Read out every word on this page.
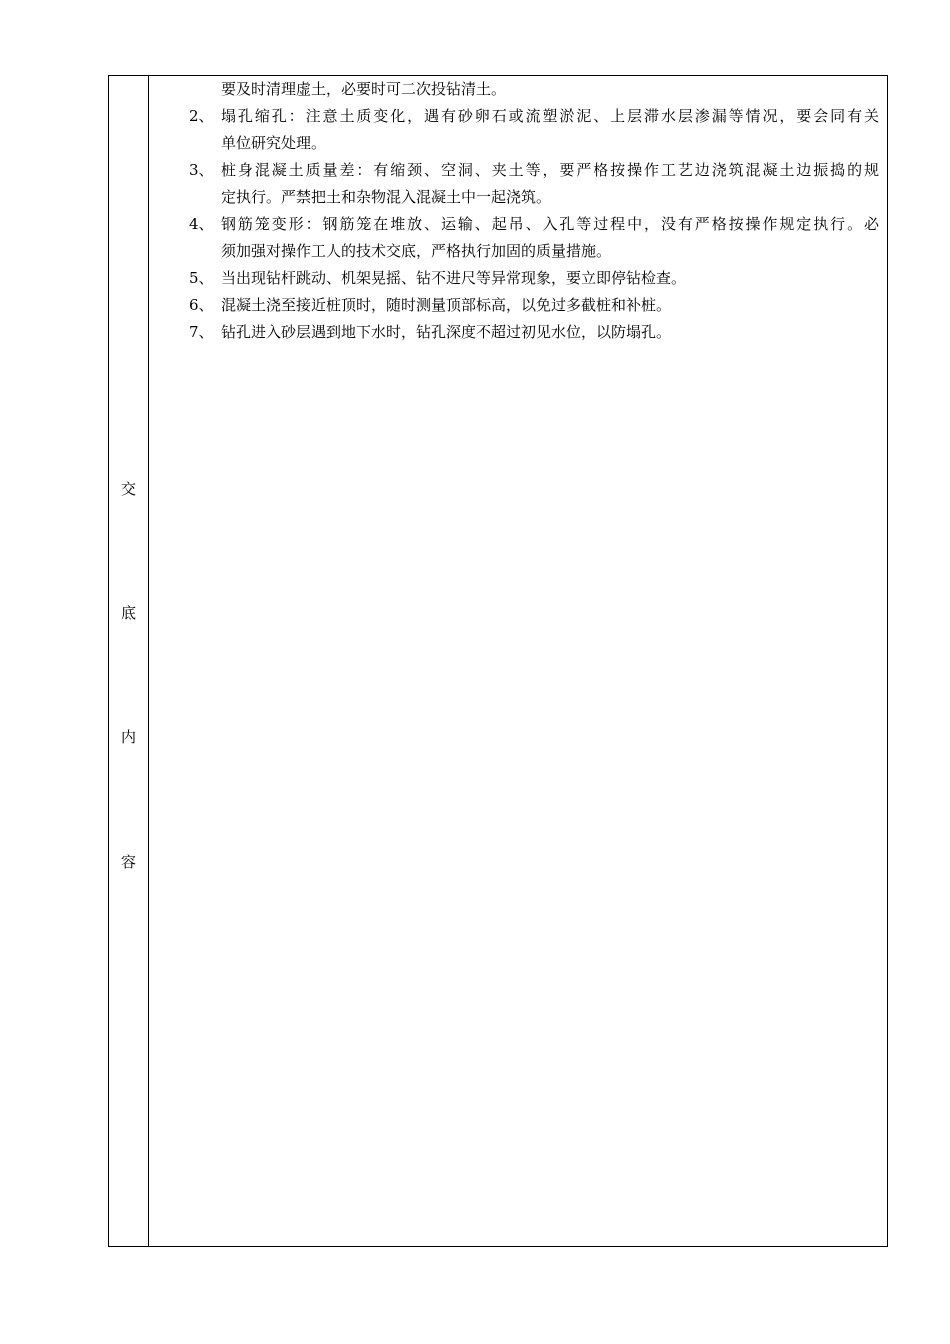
交
底
内
容
要及时清理虚土，必要时可二次投钻清土。
2、 塌孔缩孔：注意土质变化，遇有砂卵石或流塑淤泥、上层滞水层渗漏等情况，要会同有关
单位研究处理。
3、 桩身混凝土质量差：有缩颈、空洞、夹土等，要严格按操作工艺边浇筑混凝土边振捣的规
定执行。严禁把土和杂物混入混凝土中一起浇筑。
4、 钢筋笼变形：钢筋笼在堆放、运输、起吊、入孔等过程中，没有严格按操作规定执行。必
须加强对操作工人的技术交底，严格执行加固的质量措施。
5、 当出现钻杆跳动、机架晃摇、钻不进尺等异常现象，要立即停钻检查。
6、 混凝土浇至接近桩顶时，随时测量顶部标高，以免过多截桩和补桩。
7、 钻孔进入砂层遇到地下水时，钻孔深度不超过初见水位，以防塌孔。
